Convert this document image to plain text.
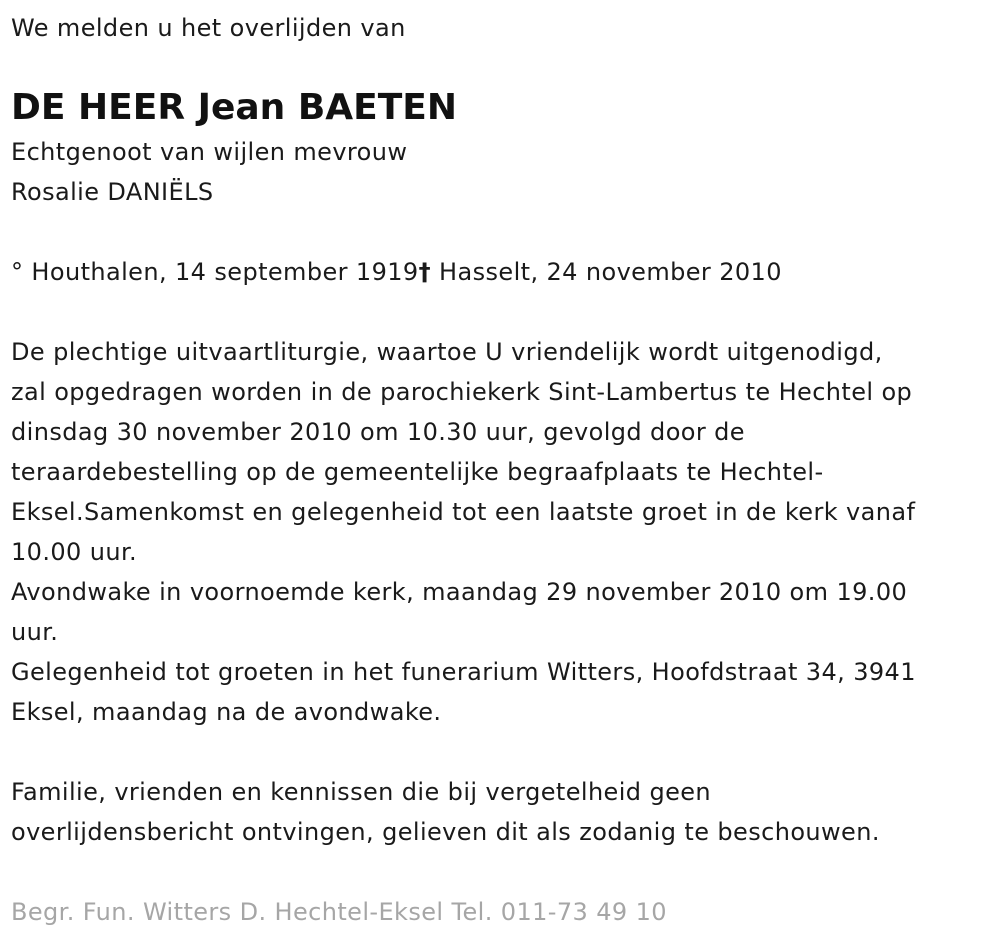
We melden u het overlijden van
DE HEER Jean BAETEN
Echtgenoot van wijlen mevrouw
Rosalie DANIËLS
° Houthalen, 14 september 1919† Hasselt, 24 november 2010
De plechtige uitvaartliturgie, waartoe U vriendelijk wordt uitgenodigd,
zal opgedragen worden in de parochiekerk Sint-Lambertus te Hechtel op
dinsdag 30 november 2010 om 10.30 uur, gevolgd door de
teraardebestelling op de gemeentelijke begraafplaats te Hechtel-
Eksel.Samenkomst en gelegenheid tot een laatste groet in de kerk vanaf
10.00 uur.
Avondwake in voornoemde kerk, maandag 29 november 2010 om 19.00
uur.
Gelegenheid tot groeten in het funerarium Witters, Hoofdstraat 34, 3941
Eksel, maandag na de avondwake.
Familie, vrienden en kennissen die bij vergetelheid geen
overlijdensbericht ontvingen, gelieven dit als zodanig te beschouwen.
Begr. Fun. Witters D. Hechtel-Eksel Tel. 011-73 49 10
